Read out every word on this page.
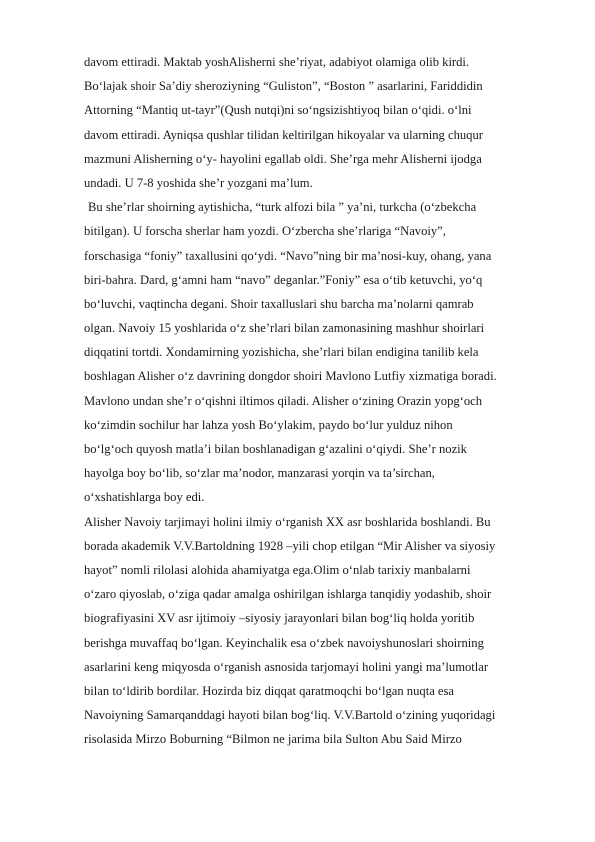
davom ettiradi. Maktab yoshAlisherni she’riyat, adabiyot olamiga olib kirdi.
Bo‘lajak shoir Sa’diy sheroziyning “Guliston”, “Boston ” asarlarini, Fariddidin
Attorning “Mantiq ut-tayr”(Qush nutqi)ni so‘ngsizishtiyoq bilan o‘qidi. o‘lni
davom ettiradi. Ayniqsa qushlar tilidan keltirilgan hikoyalar va ularning chuqur
mazmuni Alisherning o‘y- hayolini egallab oldi. She’rga mehr Alisherni ijodga
undadi. U 7-8 yoshida she’r yozgani ma’lum.
Bu she’rlar shoirning aytishicha, “turk alfozi bila ” ya’ni, turkcha (o‘zbekcha
bitilgan). U forscha sherlar ham yozdi. O‘zbercha she’rlariga “Navoiy”,
forschasiga “foniy” taxallusini qo‘ydi. “Navo”ning bir ma’nosi-kuy, ohang, yana
biri-bahra. Dard, g‘amni ham “navo” deganlar.”Foniy” esa o‘tib ketuvchi, yo‘q
bo‘luvchi, vaqtincha degani. Shoir taxalluslari shu barcha ma’nolarni qamrab
olgan. Navoiy 15 yoshlarida o‘z she’rlari bilan zamonasining mashhur shoirlari
diqqatini tortdi. Xondamirning yozishicha, she’rlari bilan endigina tanilib kela
boshlagan Alisher o‘z davrining dongdor shoiri Mavlono Lutfiy xizmatiga boradi.
Mavlono undan she’r o‘qishni iltimos qiladi. Alisher o‘zining Orazin yopg‘och
ko‘zimdin sochilur har lahza yosh Bo‘ylakim, paydo bo‘lur yulduz nihon
bo‘lg‘och quyosh matla’i bilan boshlanadigan g‘azalini o‘qiydi. She’r nozik
hayolga boy bo‘lib, so‘zlar ma’nodor, manzarasi yorqin va ta’sirchan,
o‘xshatishlarga boy edi.
Alisher Navoiy tarjimayi holini ilmiy o‘rganish XX asr boshlarida boshlandi. Bu
borada akademik V.V.Bartoldning 1928 –yili chop etilgan “Mir Alisher va siyosiy
hayot” nomli rilolasi alohida ahamiyatga ega.Olim o‘nlab tarixiy manbalarni
o‘zaro qiyoslab, o‘ziga qadar amalga oshirilgan ishlarga tanqidiy yodashib, shoir
biografiyasini XV asr ijtimoiy –siyosiy jarayonlari bilan bog‘liq holda yoritib
berishga muvaffaq bo‘lgan. Keyinchalik esa o‘zbek navoiyshunoslari shoirning
asarlarini keng miqyosda o‘rganish asnosida tarjomayi holini yangi ma’lumotlar
bilan to‘ldirib bordilar. Hozirda biz diqqat qaratmoqchi bo‘lgan nuqta esa
Navoiyning Samarqanddagi hayoti bilan bog‘liq. V.V.Bartold o‘zining yuqoridagi
risolasida Mirzo Boburning “Bilmon ne jarima bila Sulton Abu Said Mirzo
